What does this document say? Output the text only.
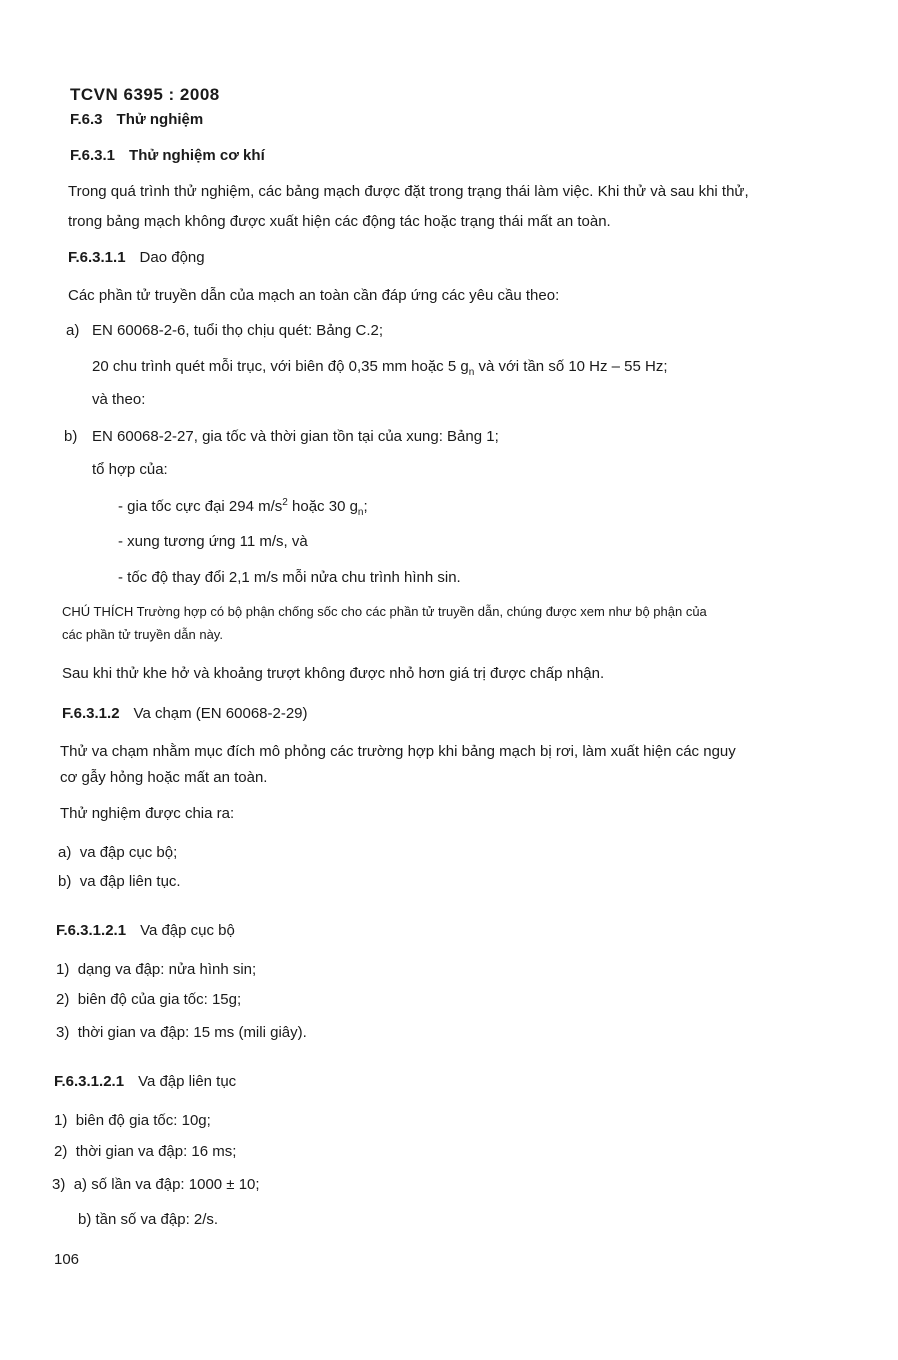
TCVN 6395 : 2008
F.6.3 Thử nghiệm
F.6.3.1 Thử nghiệm cơ khí
Trong quá trình thử nghiệm, các bảng mạch được đặt trong trạng thái làm việc. Khi thử và sau khi thử,
trong bảng mạch không được xuất hiện các động tác hoặc trạng thái mất an toàn.
F.6.3.1.1 Dao động
Các phần tử truyền dẫn của mạch an toàn cần đáp ứng các yêu cầu theo:
a) EN 60068-2-6, tuổi thọ chịu quét: Bảng C.2;
20 chu trình quét mỗi trục, với biên độ 0,35 mm hoặc 5 $g_n$ và với tần số 10 Hz – 55 Hz;
và theo:
b) EN 60068-2-27, gia tốc và thời gian tồn tại của xung: Bảng 1;
tổ hợp của:
- gia tốc cực đại 294 $m/s^2$ hoặc 30 $g_n$;
- xung tương ứng 11 m/s, và
- tốc độ thay đổi 2,1 m/s mỗi nửa chu trình hình sin.
CHÚ THÍCH Trường hợp có bộ phận chống sốc cho các phần tử truyền dẫn, chúng được xem như bộ phận của
các phần tử truyền dẫn này.
Sau khi thử khe hở và khoảng trượt không được nhỏ hơn giá trị được chấp nhận.
F.6.3.1.2 Va chạm (EN 60068-2-29)
Thử va chạm nhằm mục đích mô phỏng các trường hợp khi bảng mạch bị rơi, làm xuất hiện các nguy
cơ gẫy hỏng hoặc mất an toàn.
Thử nghiệm được chia ra:
a) va đập cục bộ;
b) va đập liên tục.
F.6.3.1.2.1 Va đập cục bộ
1) dạng va đập: nửa hình sin;
2) biên độ của gia tốc: 15g;
3) thời gian va đập: 15 ms (mili giây).
F.6.3.1.2.1 Va đập liên tục
1) biên độ gia tốc: 10g;
2) thời gian va đập: 16 ms;
3) a) số lần va đập: 1000 ± 10;
b) tần số va đập: 2/s.
106
